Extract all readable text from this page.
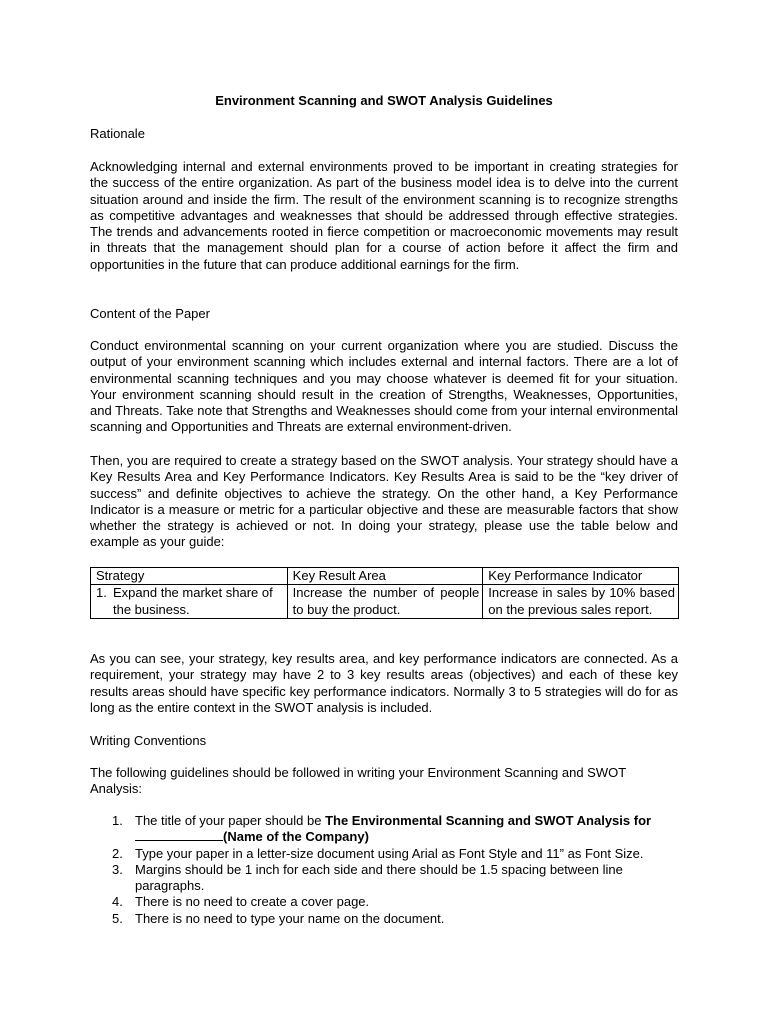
Environment Scanning and SWOT Analysis Guidelines
Rationale

Acknowledging internal and external environments proved to be important in creating strategies for the success of the entire organization. As part of the business model idea is to delve into the current situation around and inside the firm. The result of the environment scanning is to recognize strengths as competitive advantages and weaknesses that should be addressed through effective strategies. The trends and advancements rooted in fierce competition or macroeconomic movements may result in threats that the management should plan for a course of action before it affect the firm and opportunities in the future that can produce additional earnings for the firm.

Content of the Paper

Conduct environmental scanning on your current organization where you are studied. Discuss the output of your environment scanning which includes external and internal factors. There are a lot of environmental scanning techniques and you may choose whatever is deemed fit for your situation. Your environment scanning should result in the creation of Strengths, Weaknesses, Opportunities, and Threats. Take note that Strengths and Weaknesses should come from your internal environmental scanning and Opportunities and Threats are external environment-driven.

Then, you are required to create a strategy based on the SWOT analysis. Your strategy should have a Key Results Area and Key Performance Indicators. Key Results Area is said to be the “key driver of success” and definite objectives to achieve the strategy. On the other hand, a Key Performance Indicator is a measure or metric for a particular objective and these are measurable factors that show whether the strategy is achieved or not. In doing your strategy, please use the table below and example as your guide:

Strategy	Key Result Area	Key Performance Indicator

1. Expand the market share of the business.	Increase the number of people to buy the product.	Increase in sales by 10% based on the previous sales report.

As you can see, your strategy, key results area, and key performance indicators are connected. As a requirement, your strategy may have 2 to 3 key results areas (objectives) and each of these key results areas should have specific key performance indicators. Normally 3 to 5 strategies will do for as long as the entire context in the SWOT analysis is included.

Writing Conventions

The following guidelines should be followed in writing your Environment Scanning and SWOT Analysis:

1. The title of your paper should be The Environmental Scanning and SWOT Analysis for
(Name of the Company)
2. Type your paper in a letter-size document using Arial as Font Style and 11” as Font Size.
3. Margins should be 1 inch for each side and there should be 1.5 spacing between line paragraphs.
4. There is no need to create a cover page.
5. There is no need to type your name on the document.
